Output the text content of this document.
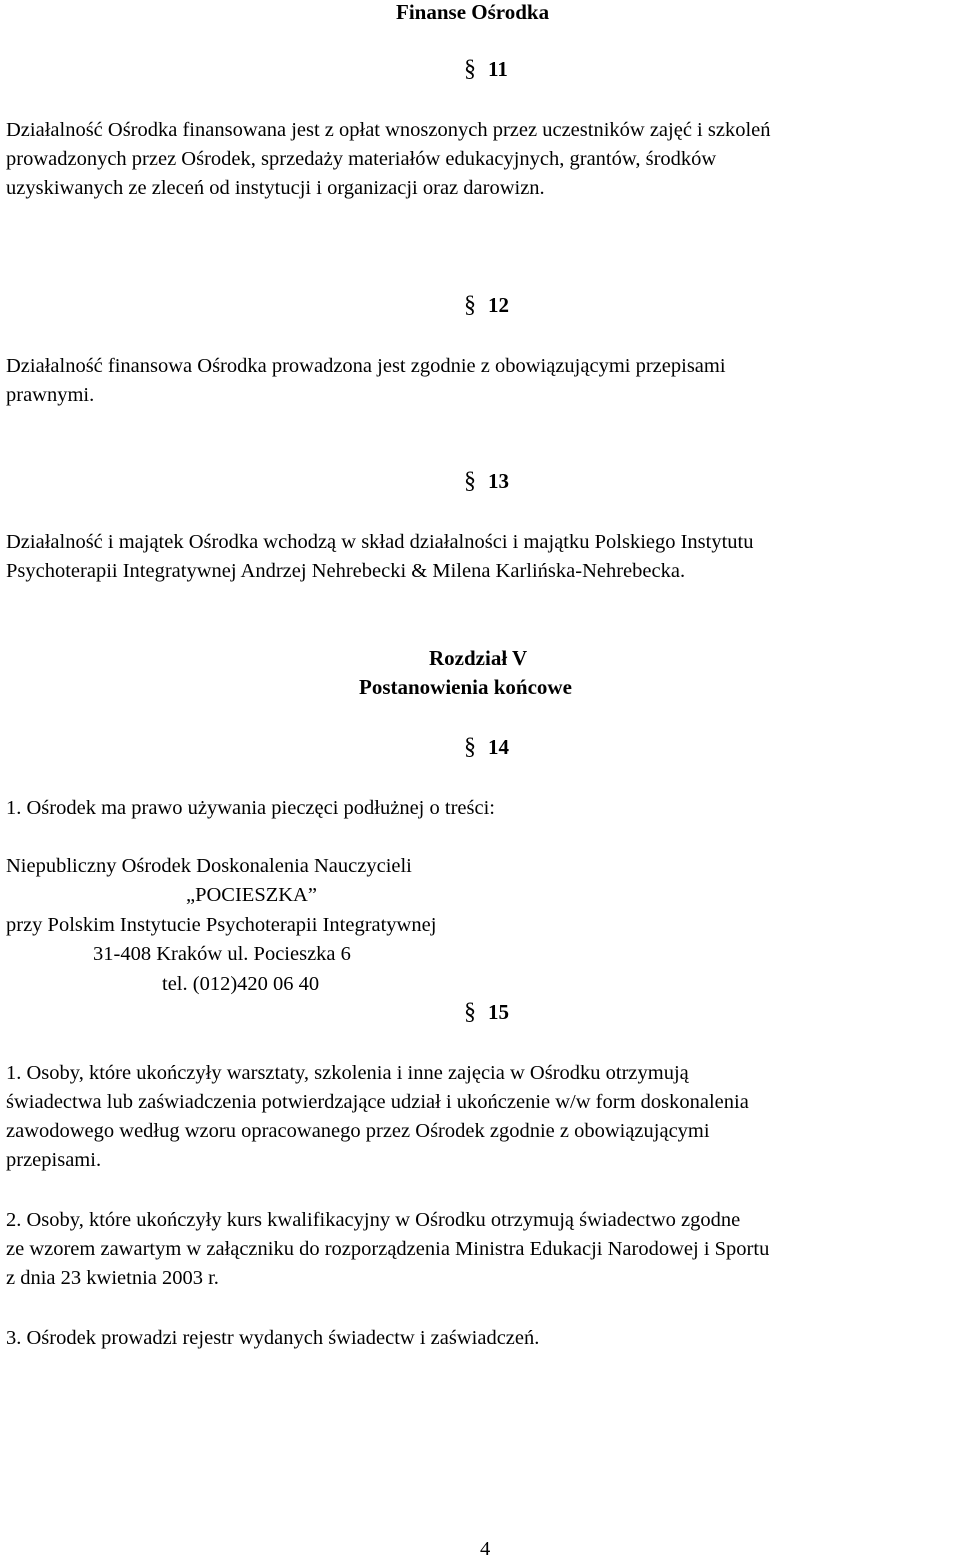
Finanse Ośrodka
§ 11
Działalność Ośrodka finansowana jest z opłat wnoszonych przez uczestników zajęć i szkoleń
prowadzonych przez Ośrodek, sprzedaży materiałów edukacyjnych, grantów, środków
uzyskiwanych ze zleceń od instytucji i organizacji oraz darowizn.
§ 12
Działalność finansowa Ośrodka prowadzona jest zgodnie z obowiązującymi przepisami
prawnymi.
§ 13
Działalność i majątek Ośrodka wchodzą w skład działalności i majątku Polskiego Instytutu
Psychoterapii Integratywnej Andrzej Nehrebecki & Milena Karlińska-Nehrebecka.
Rozdział V
Postanowienia końcowe
§ 14
1. Ośrodek ma prawo używania pieczęci podłużnej o treści:
Niepubliczny Ośrodek Doskonalenia Nauczycieli
„POCIESZKA”
przy Polskim Instytucie Psychoterapii Integratywnej
31-408 Kraków ul. Pocieszka 6
tel. (012)420 06 40
§ 15
1. Osoby, które ukończyły warsztaty, szkolenia i inne zajęcia w Ośrodku otrzymują
świadectwa lub zaświadczenia potwierdzające udział i ukończenie w/w form doskonalenia
zawodowego według wzoru opracowanego przez Ośrodek zgodnie z obowiązującymi
przepisami.
2. Osoby, które ukończyły kurs kwalifikacyjny w Ośrodku otrzymują świadectwo zgodne
ze wzorem zawartym w załączniku do rozporządzenia Ministra Edukacji Narodowej i Sportu
z dnia 23 kwietnia 2003 r.
3. Ośrodek prowadzi rejestr wydanych świadectw i zaświadczeń.
4
